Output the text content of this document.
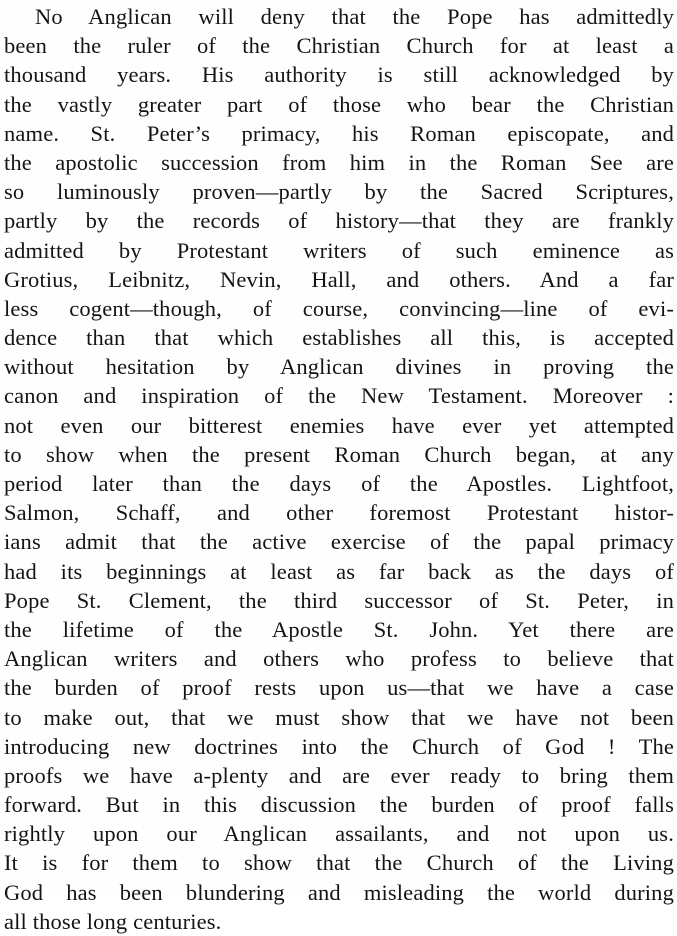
No Anglican will deny that the Pope has admittedly
been the ruler of the Christian Church for at least a
thousand years. His authority is still acknowledged by
the vastly greater part of those who bear the Christian
name. St. Peter’s primacy, his Roman episcopate, and
the apostolic succession from him in the Roman See are
so luminously proven—partly by the Sacred Scriptures,
partly by the records of history—that they are frankly
admitted by Protestant writers of such eminence as
Grotius, Leibnitz, Nevin, Hall, and others. And a far
less cogent—though, of course, convincing—line of evi-
dence than that which establishes all this, is accepted
without hesitation by Anglican divines in proving the
canon and inspiration of the New Testament. Moreover :
not even our bitterest enemies have ever yet attempted
to show when the present Roman Church began, at any
period later than the days of the Apostles. Lightfoot,
Salmon, Schaff, and other foremost Protestant histor-
ians admit that the active exercise of the papal primacy
had its beginnings at least as far back as the days of
Pope St. Clement, the third successor of St. Peter, in
the lifetime of the Apostle St. John. Yet there are
Anglican writers and others who profess to believe that
the burden of proof rests upon us—that we have a case
to make out, that we must show that we have not been
introducing new doctrines into the Church of God ! The
proofs we have a-plenty and are ever ready to bring them
forward. But in this discussion the burden of proof falls
rightly upon our Anglican assailants, and not upon us.
It is for them to show that the Church of the Living
God has been blundering and misleading the world during
all those long centuries.
